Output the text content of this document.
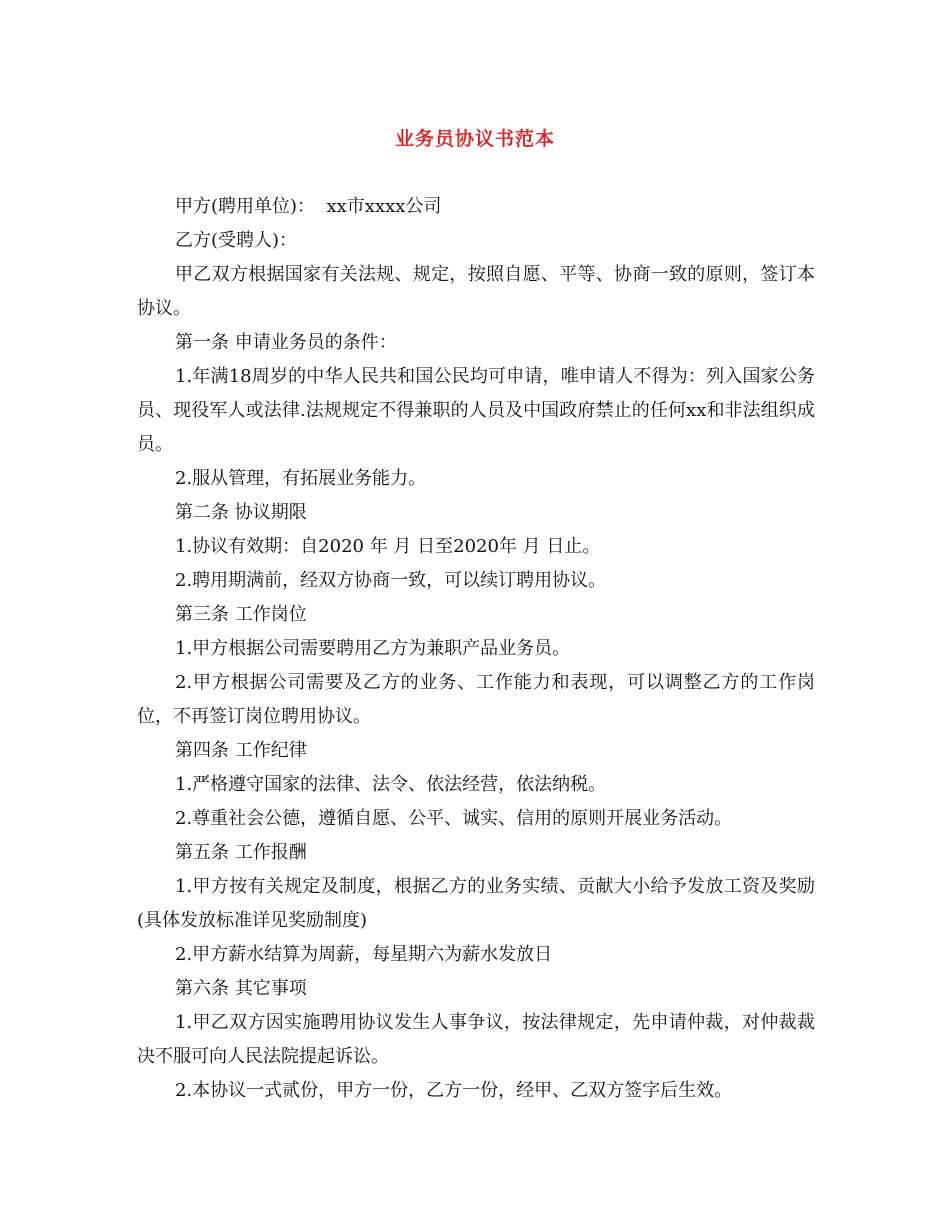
业务员协议书范本

甲方(聘用单位)：  xx市xxxx公司

乙方(受聘人)：

甲乙双方根据国家有关法规、规定，按照自愿、平等、协商一致的原则，签订本协议。

第一条 申请业务员的条件：

1.年满18周岁的中华人民共和国公民均可申请，唯申请人不得为：列入国家公务员、现役军人或法律.法规规定不得兼职的人员及中国政府禁止的任何xx和非法组织成员。

2.服从管理，有拓展业务能力。

第二条 协议期限

1.协议有效期：自2020 年 月 日至2020年 月 日止。

2.聘用期满前，经双方协商一致，可以续订聘用协议。

第三条 工作岗位

1.甲方根据公司需要聘用乙方为兼职产品业务员。

2.甲方根据公司需要及乙方的业务、工作能力和表现，可以调整乙方的工作岗位，不再签订岗位聘用协议。

第四条 工作纪律

1.严格遵守国家的法律、法令、依法经营，依法纳税。

2.尊重社会公德，遵循自愿、公平、诚实、信用的原则开展业务活动。

第五条 工作报酬

1.甲方按有关规定及制度，根据乙方的业务实绩、贡献大小给予发放工资及奖励(具体发放标准详见奖励制度)

2.甲方薪水结算为周薪，每星期六为薪水发放日

第六条 其它事项

1.甲乙双方因实施聘用协议发生人事争议，按法律规定，先申请仲裁，对仲裁裁决不服可向人民法院提起诉讼。

2.本协议一式贰份，甲方一份，乙方一份，经甲、乙双方签字后生效。
